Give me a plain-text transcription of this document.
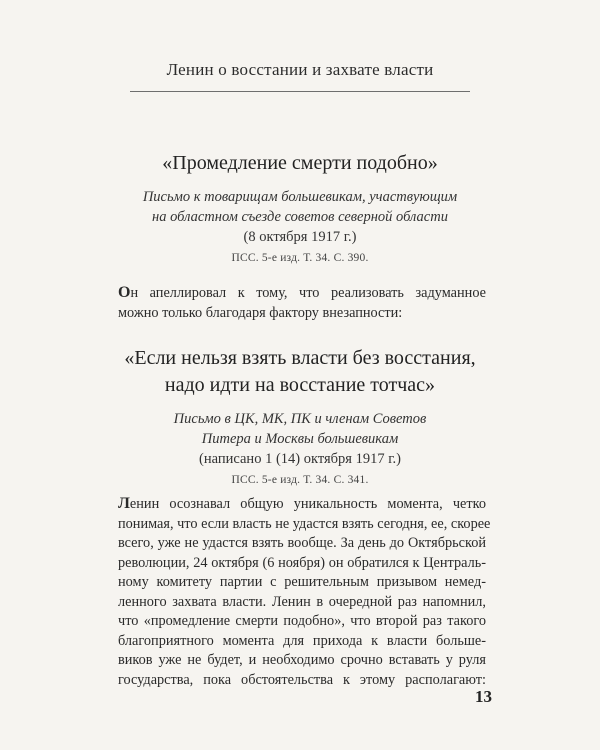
Ленин о восстании и захвате власти
«Промедление смерти подобно»
Письмо к товарищам большевикам, участвующим
на областном съезде советов северной области
(8 октября 1917 г.)
ПСС. 5-е изд. Т. 34. С. 390.
Он апеллировал к тому, что реализовать задуманное
можно только благодаря фактору внезапности:
«Если нельзя взять власти без восстания,
надо идти на восстание тотчас»
Письмо в ЦК, МК, ПК и членам Советов
Питера и Москвы большевикам
(написано 1 (14) октября 1917 г.)
ПСС. 5-е изд. Т. 34. С. 341.
Ленин осознавал общую уникальность момента, четко
понимая, что если власть не удастся взять сегодня, ее, скорее
всего, уже не удастся взять вообще. За день до Октябрьской
революции, 24 октября (6 ноября) он обратился к Централь-
ному комитету партии с решительным призывом немед-
ленного захвата власти. Ленин в очередной раз напомнил,
что «промедление смерти подобно», что второй раз такого
благоприятного момента для прихода к власти больше-
виков уже не будет, и необходимо срочно вставать у руля
государства, пока обстоятельства к этому располагают:
13
